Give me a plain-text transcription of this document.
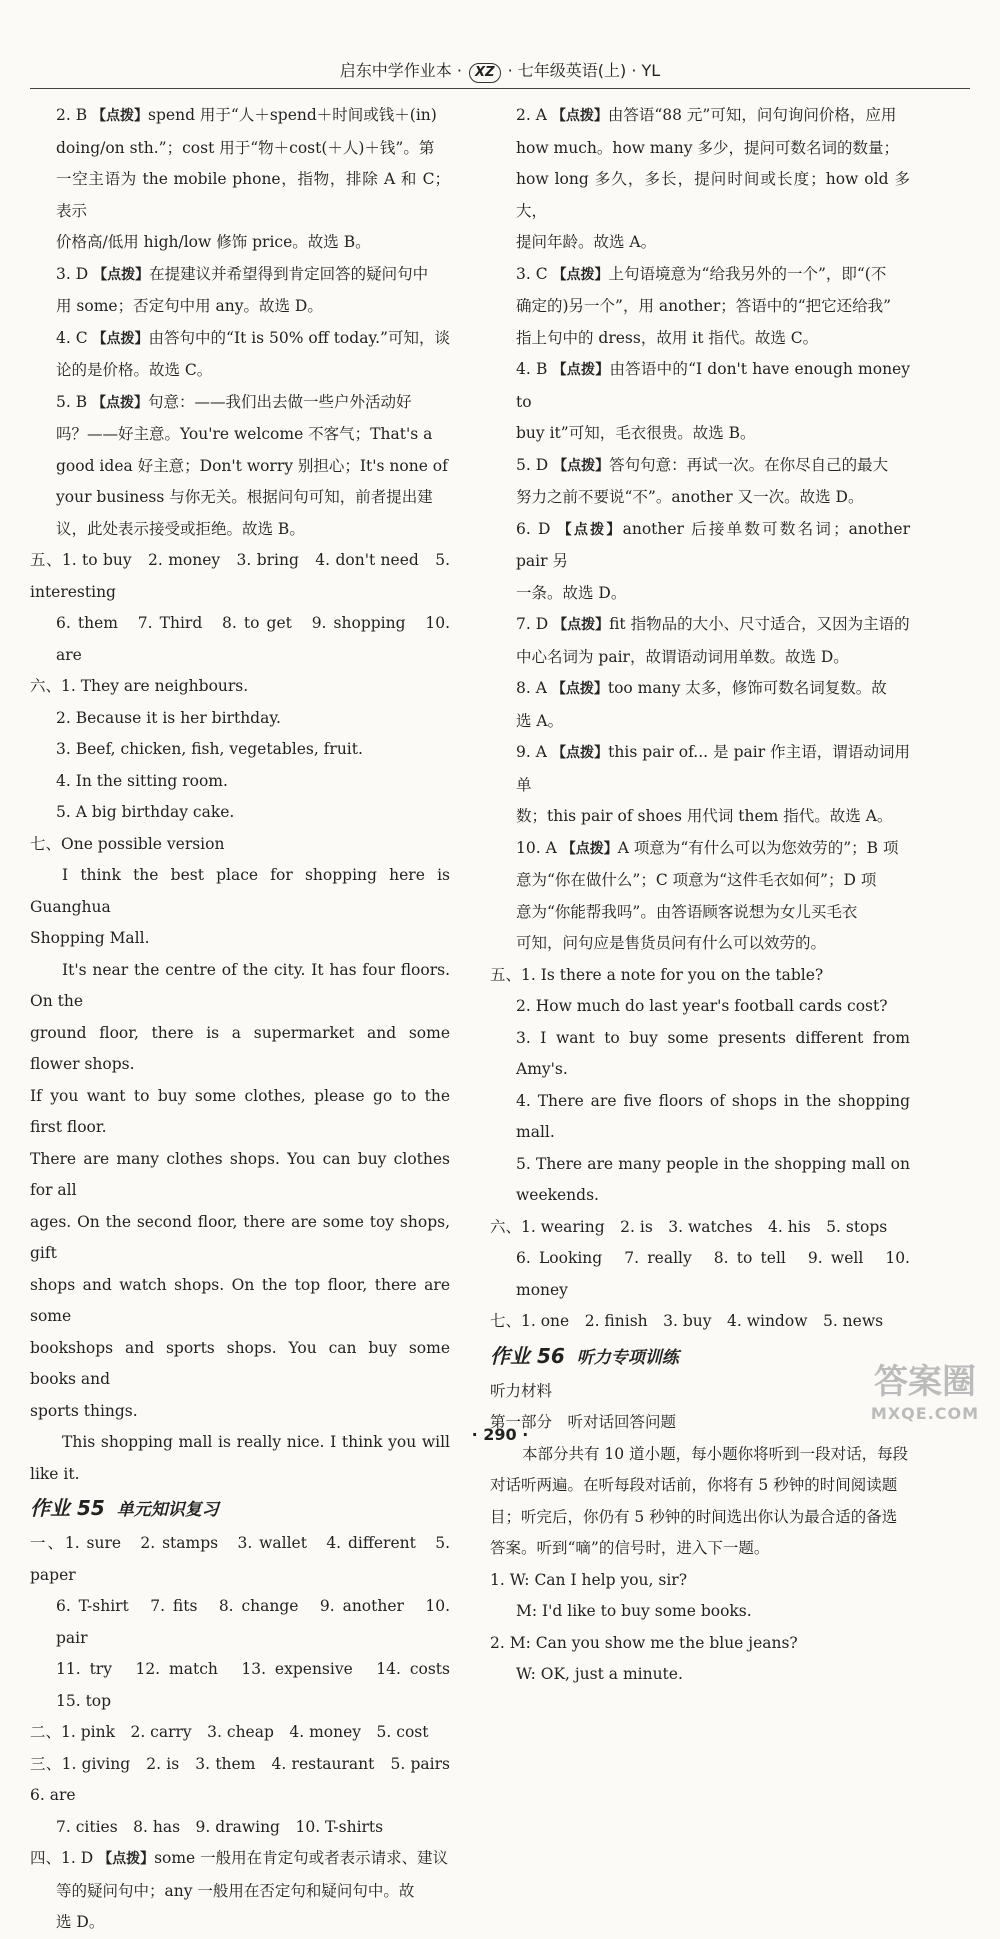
启东中学作业本 · XZ · 七年级英语(上) · YL

2. B 【点拨】spend 用于“人＋spend＋时间或钱＋(in)

doing/on sth.”；cost 用于“物＋cost(＋人)＋钱”。第

一空主语为 the mobile phone，指物，排除 A 和 C；表示

价格高/低用 high/low 修饰 price。故选 B。

3. D 【点拨】在提建议并希望得到肯定回答的疑问句中

用 some；否定句中用 any。故选 D。

4. C 【点拨】由答句中的“It is 50% off today.”可知，谈

论的是价格。故选 C。

5. B 【点拨】句意：——我们出去做一些户外活动好

吗？——好主意。You're welcome 不客气；That's a

good idea 好主意；Don't worry 别担心；It's none of

your business 与你无关。根据问句可知，前者提出建

议，此处表示接受或拒绝。故选 B。

五、1. to buy　2. money　3. bring　4. don't need　5. interesting

6. them　7. Third　8. to get　9. shopping　10. are

六、1. They are neighbours.

2. Because it is her birthday.

3. Beef, chicken, fish, vegetables, fruit.

4. In the sitting room.

5. A big birthday cake.

七、One possible version

I think the best place for shopping here is Guanghua

Shopping Mall.

It's near the centre of the city. It has four floors. On the

ground floor, there is a supermarket and some flower shops.

If you want to buy some clothes, please go to the first floor.

There are many clothes shops. You can buy clothes for all

ages. On the second floor, there are some toy shops, gift

shops and watch shops. On the top floor, there are some

bookshops and sports shops. You can buy some books and

sports things.

This shopping mall is really nice. I think you will like it.

作业 55 单元知识复习

一、1. sure　2. stamps　3. wallet　4. different　5. paper

6. T-shirt　7. fits　8. change　9. another　10. pair

11. try　12. match　13. expensive　14. costs　15. top

二、1. pink　2. carry　3. cheap　4. money　5. cost

三、1. giving　2. is　3. them　4. restaurant　5. pairs　6. are

7. cities　8. has　9. drawing　10. T-shirts

四、1. D 【点拨】some 一般用在肯定句或者表示请求、建议

等的疑问句中；any 一般用在否定句和疑问句中。故

选 D。

2. A 【点拨】由答语“88 元”可知，问句询问价格，应用

how much。how many 多少，提问可数名词的数量；

how long 多久，多长，提问时间或长度；how old 多大，

提问年龄。故选 A。

3. C 【点拨】上句语境意为“给我另外的一个”，即“(不

确定的)另一个”，用 another；答语中的“把它还给我”

指上句中的 dress，故用 it 指代。故选 C。

4. B 【点拨】由答语中的“I don't have enough money to

buy it”可知，毛衣很贵。故选 B。

5. D 【点拨】答句句意：再试一次。在你尽自己的最大

努力之前不要说“不”。another 又一次。故选 D。

6. D 【点拨】another 后接单数可数名词；another pair 另

一条。故选 D。

7. D 【点拨】fit 指物品的大小、尺寸适合，又因为主语的

中心名词为 pair，故谓语动词用单数。故选 D。

8. A 【点拨】too many 太多，修饰可数名词复数。故

选 A。

9. A 【点拨】this pair of... 是 pair 作主语，谓语动词用单

数；this pair of shoes 用代词 them 指代。故选 A。

10. A 【点拨】A 项意为“有什么可以为您效劳的”；B 项

意为“你在做什么”；C 项意为“这件毛衣如何”；D 项

意为“你能帮我吗”。由答语顾客说想为女儿买毛衣

可知，问句应是售货员问有什么可以效劳的。

五、1. Is there a note for you on the table?

2. How much do last year's football cards cost?

3. I want to buy some presents different from Amy's.

4. There are five floors of shops in the shopping mall.

5. There are many people in the shopping mall on weekends.

六、1. wearing　2. is　3. watches　4. his　5. stops

6. Looking　7. really　8. to tell　9. well　10. money

七、1. one　2. finish　3. buy　4. window　5. news

作业 56 听力专项训练

听力材料

第一部分　听对话回答问题

本部分共有 10 道小题，每小题你将听到一段对话，每段

对话听两遍。在听每段对话前，你将有 5 秒钟的时间阅读题

目；听完后，你仍有 5 秒钟的时间选出你认为最合适的备选

答案。听到“嘀”的信号时，进入下一题。

1. W: Can I help you, sir?

M: I'd like to buy some books.

2. M: Can you show me the blue jeans?

W: OK, just a minute.

· 290 ·
答案圈
MXQE.COM
